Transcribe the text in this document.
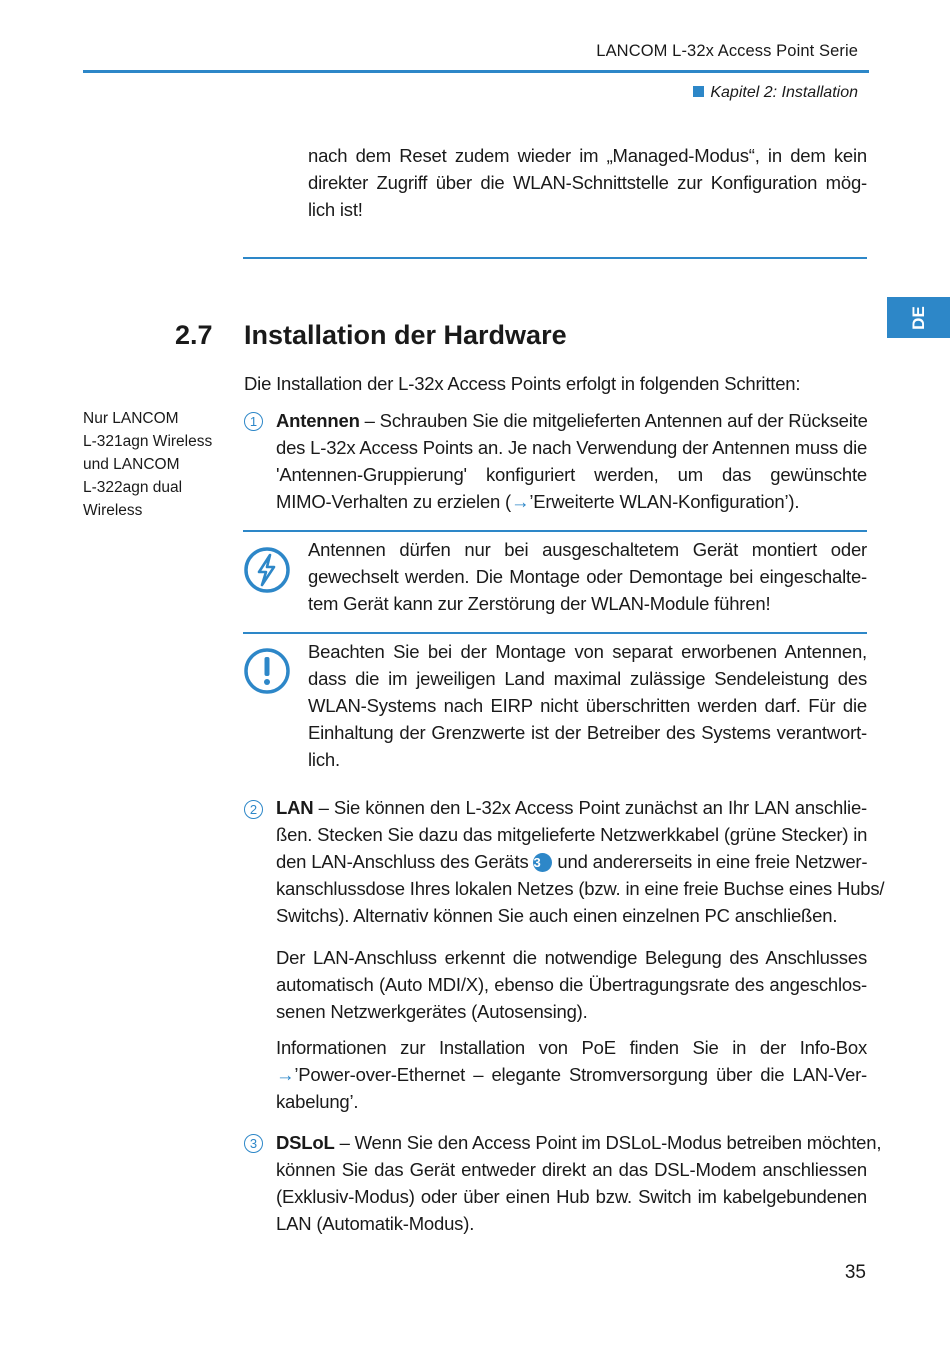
LANCOM L-32x Access Point Serie
Kapitel 2: Installation
nach dem Reset zudem wieder im „Managed-Modus“, in dem kein
direkter Zugriff über die WLAN-Schnittstelle zur Konfiguration mög-
lich ist!
DE
2.7 Installation der Hardware
Die Installation der L-32x Access Points erfolgt in folgenden Schritten:
Nur LANCOM
L-321agn Wireless
und LANCOM
L-322agn dual
Wireless
1	Antennen – Schrauben Sie die mitgelieferten Antennen auf der Rückseite
des L-32x Access Points an. Je nach Verwendung der Antennen muss die
'Antennen-Gruppierung' konfiguriert werden, um das gewünschte
MIMO-Verhalten zu erzielen (→’Erweiterte WLAN-Konfiguration’).
Antennen dürfen nur bei ausgeschaltetem Gerät montiert oder
gewechselt werden. Die Montage oder Demontage bei eingeschalte-
tem Gerät kann zur Zerstörung der WLAN-Module führen!
Beachten Sie bei der Montage von separat erworbenen Antennen,
dass die im jeweiligen Land maximal zulässige Sendeleistung des
WLAN-Systems nach EIRP nicht überschritten werden darf. Für die
Einhaltung der Grenzwerte ist der Betreiber des Systems verantwort-
lich.
2	LAN – Sie können den L-32x Access Point zunächst an Ihr LAN anschlie-
ßen. Stecken Sie dazu das mitgelieferte Netzwerkkabel (grüne Stecker) in
den LAN-Anschluss des Geräts 3 und andererseits in eine freie Netzwer-
kanschlussdose Ihres lokalen Netzes (bzw. in eine freie Buchse eines Hubs/
Switchs). Alternativ können Sie auch einen einzelnen PC anschließen.
Der LAN-Anschluss erkennt die notwendige Belegung des Anschlusses
automatisch (Auto MDI/X), ebenso die Übertragungsrate des angeschlos-
senen Netzwerkgerätes (Autosensing).
Informationen zur Installation von PoE finden Sie in der Info-Box
→’Power-over-Ethernet – elegante Stromversorgung über die LAN-Ver-
kabelung’.
3	DSLoL – Wenn Sie den Access Point im DSLoL-Modus betreiben möchten,
können Sie das Gerät entweder direkt an das DSL-Modem anschliessen
(Exklusiv-Modus) oder über einen Hub bzw. Switch im kabelgebundenen
LAN (Automatik-Modus).
35
